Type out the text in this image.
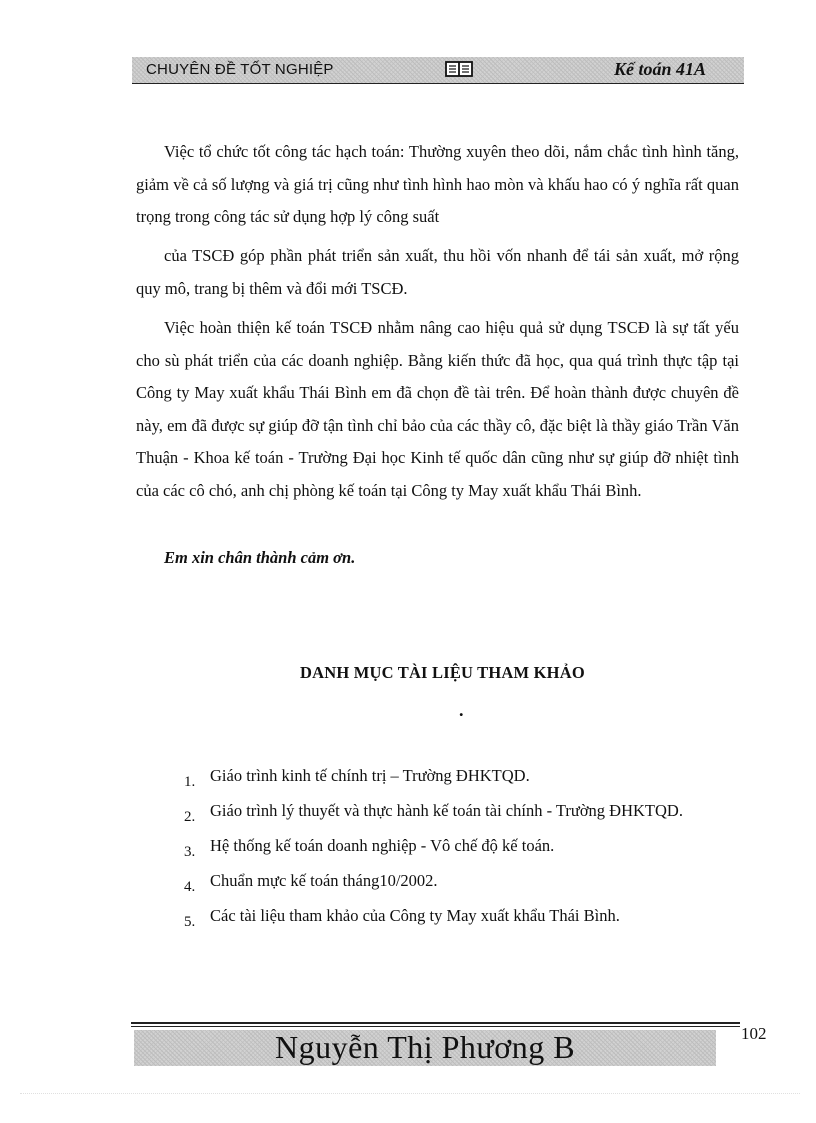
CHUYÊN ĐỀ TỐT NGHIỆP	Kế toán 41A

Việc tổ chức tốt công tác hạch toán: Thường xuyên theo dõi, nắm chắc tình hình tăng, giảm về cả số lượng và giá trị cũng như tình hình hao mòn và khấu hao có ý nghĩa rất quan trọng trong công tác sử dụng hợp lý công suất

của TSCĐ góp phần phát triển sản xuất, thu hồi vốn nhanh để tái sản xuất, mở rộng quy mô, trang bị thêm và đổi mới TSCĐ.

Việc hoàn thiện kế toán TSCĐ nhằm nâng cao hiệu quả sử dụng TSCĐ là sự tất yếu cho sù phát triển của các doanh nghiệp. Bằng kiến thức đã học, qua quá trình thực tập tại Công ty May xuất khẩu Thái Bình em đã chọn đề tài trên. Để hoàn thành được chuyên đề này, em đã được sự giúp đỡ tận tình chỉ bảo của các thầy cô, đặc biệt là thầy giáo Trần Văn Thuận - Khoa kế toán - Trường Đại học Kinh tế quốc dân cũng như sự giúp đỡ nhiệt tình của các cô chó, anh chị phòng kế toán tại Công ty May xuất khẩu Thái Bình.

Em xin chân thành cảm ơn.
DANH MỤC TÀI LIỆU THAM KHẢO
.
1. Giáo trình kinh tế chính trị – Trường ĐHKTQD.
2. Giáo trình lý thuyết và thực hành kế toán tài chính - Trường ĐHKTQD.
3. Hệ thống kế toán doanh nghiệp - Vô chế độ kế toán.
4. Chuẩn mực kế toán tháng10/2002.
5. Các tài liệu tham khảo của Công ty May xuất khẩu Thái Bình.
Nguyễn Thị Phương B	102
